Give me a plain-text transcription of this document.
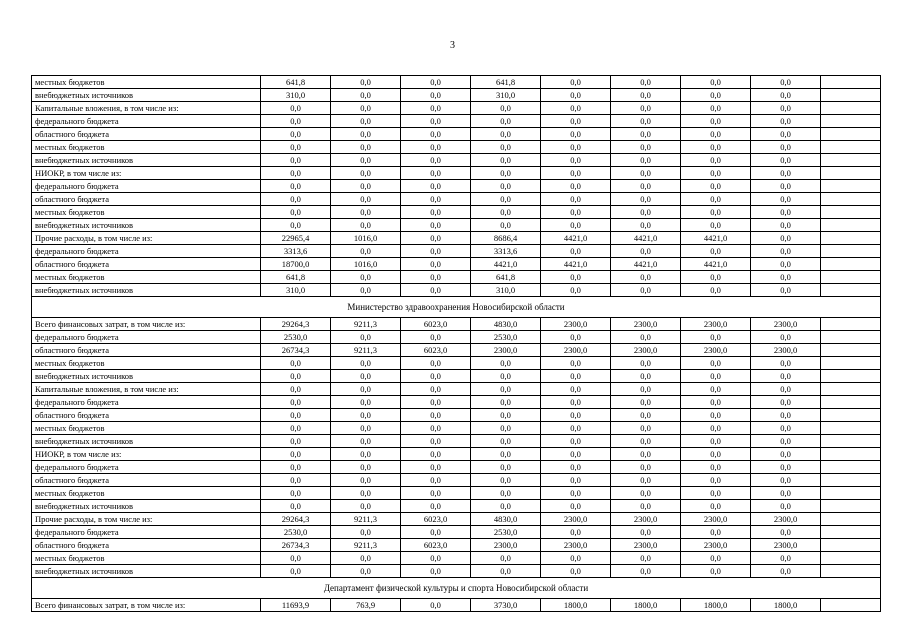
3
местных бюджетов	641,8	0,0	0,0	641,8	0,0	0,0	0,0	0,0	
внебюджетных источников	310,0	0,0	0,0	310,0	0,0	0,0	0,0	0,0	
Капитальные вложения, в том числе из:	0,0	0,0	0,0	0,0	0,0	0,0	0,0	0,0	
федерального бюджета	0,0	0,0	0,0	0,0	0,0	0,0	0,0	0,0	
областного бюджета	0,0	0,0	0,0	0,0	0,0	0,0	0,0	0,0	
местных бюджетов	0,0	0,0	0,0	0,0	0,0	0,0	0,0	0,0	
внебюджетных источников	0,0	0,0	0,0	0,0	0,0	0,0	0,0	0,0	
НИОКР, в том числе из:	0,0	0,0	0,0	0,0	0,0	0,0	0,0	0,0	
федерального бюджета	0,0	0,0	0,0	0,0	0,0	0,0	0,0	0,0	
областного бюджета	0,0	0,0	0,0	0,0	0,0	0,0	0,0	0,0	
местных бюджетов	0,0	0,0	0,0	0,0	0,0	0,0	0,0	0,0	
внебюджетных источников	0,0	0,0	0,0	0,0	0,0	0,0	0,0	0,0	
Прочие расходы, в том числе из:	22965,4	1016,0	0,0	8686,4	4421,0	4421,0	4421,0	0,0	
федерального бюджета	3313,6	0,0	0,0	3313,6	0,0	0,0	0,0	0,0	
областного бюджета	18700,0	1016,0	0,0	4421,0	4421,0	4421,0	4421,0	0,0	
местных бюджетов	641,8	0,0	0,0	641,8	0,0	0,0	0,0	0,0	
внебюджетных источников	310,0	0,0	0,0	310,0	0,0	0,0	0,0	0,0	
Министерство здравоохранения Новосибирской области									
Всего финансовых затрат, в том числе из:	29264,3	9211,3	6023,0	4830,0	2300,0	2300,0	2300,0	2300,0	
федерального бюджета	2530,0	0,0	0,0	2530,0	0,0	0,0	0,0	0,0	
областного бюджета	26734,3	9211,3	6023,0	2300,0	2300,0	2300,0	2300,0	2300,0	
местных бюджетов	0,0	0,0	0,0	0,0	0,0	0,0	0,0	0,0	
внебюджетных источников	0,0	0,0	0,0	0,0	0,0	0,0	0,0	0,0	
Капитальные вложения, в том числе из:	0,0	0,0	0,0	0,0	0,0	0,0	0,0	0,0	
федерального бюджета	0,0	0,0	0,0	0,0	0,0	0,0	0,0	0,0	
областного бюджета	0,0	0,0	0,0	0,0	0,0	0,0	0,0	0,0	
местных бюджетов	0,0	0,0	0,0	0,0	0,0	0,0	0,0	0,0	
внебюджетных источников	0,0	0,0	0,0	0,0	0,0	0,0	0,0	0,0	
НИОКР, в том числе из:	0,0	0,0	0,0	0,0	0,0	0,0	0,0	0,0	
федерального бюджета	0,0	0,0	0,0	0,0	0,0	0,0	0,0	0,0	
областного бюджета	0,0	0,0	0,0	0,0	0,0	0,0	0,0	0,0	
местных бюджетов	0,0	0,0	0,0	0,0	0,0	0,0	0,0	0,0	
внебюджетных источников	0,0	0,0	0,0	0,0	0,0	0,0	0,0	0,0	
Прочие расходы, в том числе из:	29264,3	9211,3	6023,0	4830,0	2300,0	2300,0	2300,0	2300,0	
федерального бюджета	2530,0	0,0	0,0	2530,0	0,0	0,0	0,0	0,0	
областного бюджета	26734,3	9211,3	6023,0	2300,0	2300,0	2300,0	2300,0	2300,0	
местных бюджетов	0,0	0,0	0,0	0,0	0,0	0,0	0,0	0,0	
внебюджетных источников	0,0	0,0	0,0	0,0	0,0	0,0	0,0	0,0	
Департамент физической культуры и спорта Новосибирской области									
Всего финансовых затрат, в том числе из:	11693,9	763,9	0,0	3730,0	1800,0	1800,0	1800,0	1800,0	
